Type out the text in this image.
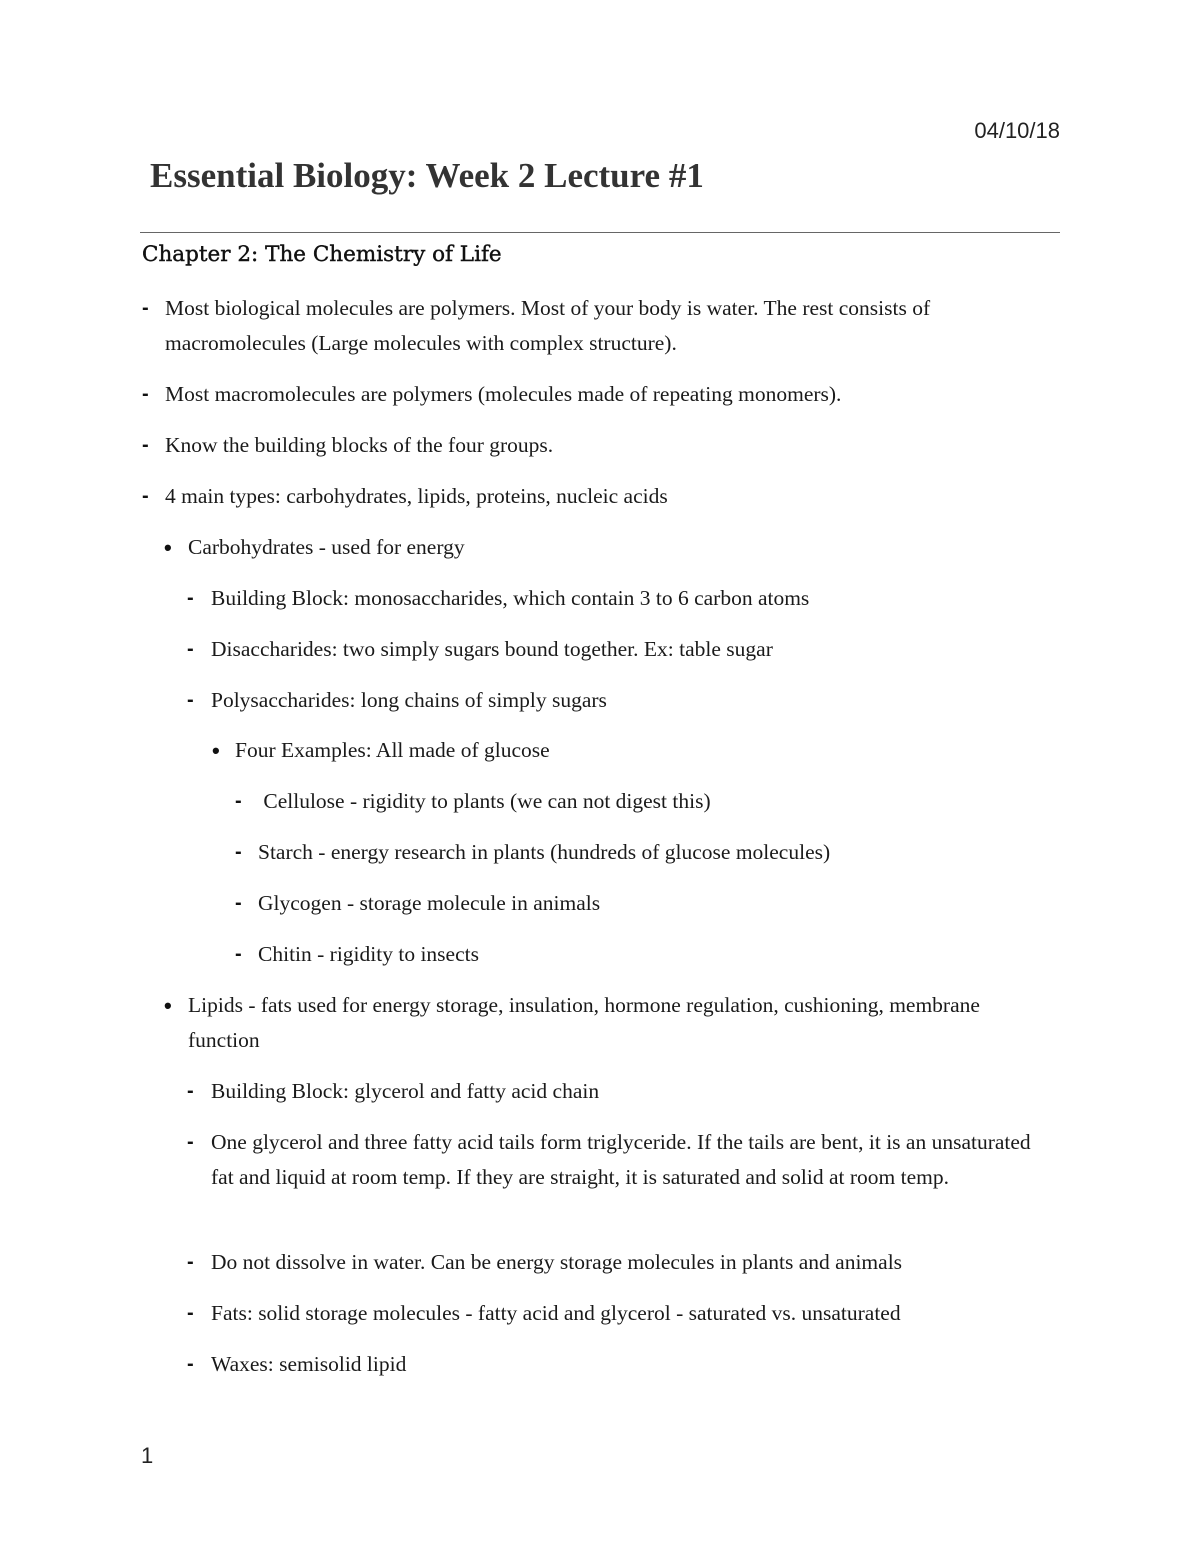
04/10/18
Essential Biology: Week 2 Lecture #1
Chapter 2: The Chemistry of Life
- Most biological molecules are polymers. Most of your body is water. The rest consists of macromolecules (Large molecules with complex structure).
- Most macromolecules are polymers (molecules made of repeating monomers).
- Know the building blocks of the four groups.
- 4 main types: carbohydrates, lipids, proteins, nucleic acids
• Carbohydrates - used for energy
- Building Block: monosaccharides, which contain 3 to 6 carbon atoms
- Disaccharides: two simply sugars bound together. Ex: table sugar
- Polysaccharides: long chains of simply sugars
• Four Examples: All made of glucose
- Cellulose - rigidity to plants (we can not digest this)
- Starch - energy research in plants (hundreds of glucose molecules)
- Glycogen - storage molecule in animals
- Chitin - rigidity to insects
• Lipids - fats used for energy storage, insulation, hormone regulation, cushioning, membrane function
- Building Block: glycerol and fatty acid chain
- One glycerol and three fatty acid tails form triglyceride. If the tails are bent, it is an unsaturated fat and liquid at room temp. If they are straight, it is saturated and solid at room temp.
- Do not dissolve in water. Can be energy storage molecules in plants and animals
- Fats: solid storage molecules - fatty acid and glycerol - saturated vs. unsaturated
- Waxes: semisolid lipid
1
